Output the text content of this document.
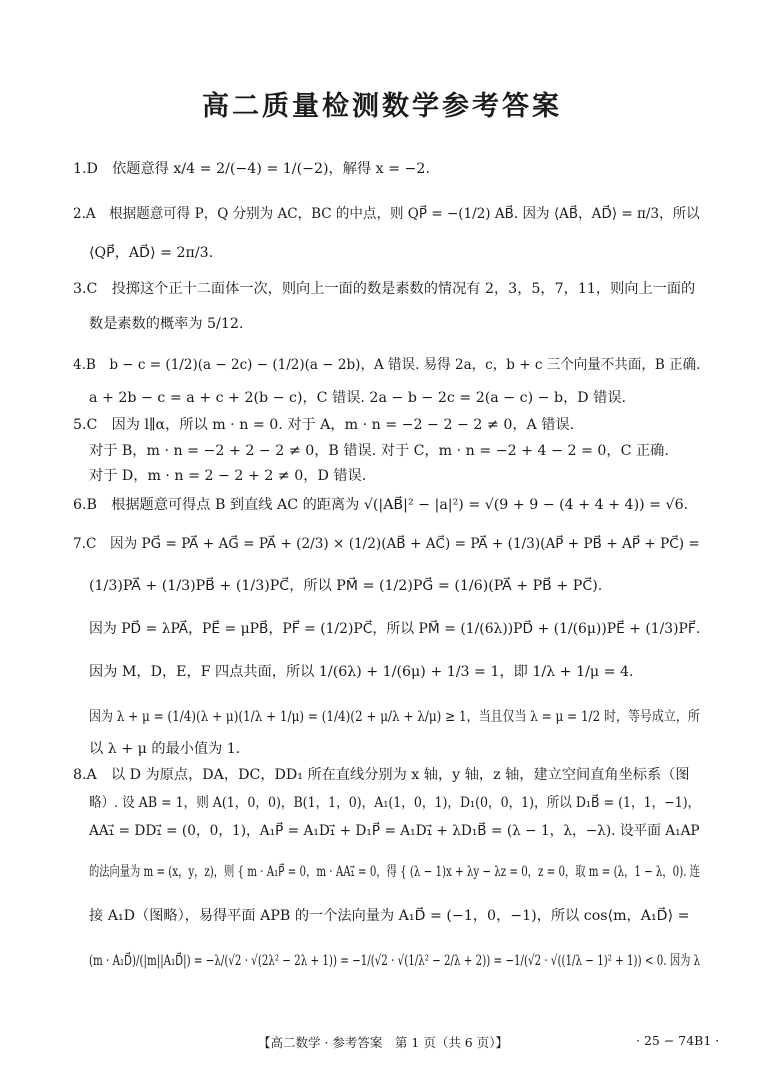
高二质量检测数学参考答案
1.D　依题意得 x/4 = 2/(−4) = 1/(−2)，解得 x = −2.
2.A　根据题意可得 P，Q 分别为 AC，BC 的中点，则 QP⃗ = −(1/2) AB⃗. 因为 ⟨AB⃗，AD⃗⟩ = π/3，所以
⟨QP⃗，AD⃗⟩ = 2π/3.
3.C　投掷这个正十二面体一次，则向上一面的数是素数的情况有 2，3，5，7，11，则向上一面的
数是素数的概率为 5/12.
4.B　b − c = (1/2)(a − 2c) − (1/2)(a − 2b)，A 错误. 易得 2a，c，b + c 三个向量不共面，B 正确.
a + 2b − c = a + c + 2(b − c)，C 错误. 2a − b − 2c = 2(a − c) − b，D 错误.
5.C　因为 l∥α，所以 m · n = 0. 对于 A，m · n = −2 − 2 − 2 ≠ 0，A 错误.
对于 B，m · n = −2 + 2 − 2 ≠ 0，B 错误. 对于 C，m · n = −2 + 4 − 2 = 0，C 正确.
对于 D，m · n = 2 − 2 + 2 ≠ 0，D 错误.
6.B　根据题意可得点 B 到直线 AC 的距离为 √(|AB⃗|² − |a|²) = √(9 + 9 − (4 + 4 + 4)) = √6.
7.C　因为 PG⃗ = PA⃗ + AG⃗ = PA⃗ + (2/3) × (1/2)(AB⃗ + AC⃗) = PA⃗ + (1/3)(AP⃗ + PB⃗ + AP⃗ + PC⃗) =
(1/3)PA⃗ + (1/3)PB⃗ + (1/3)PC⃗，所以 PM⃗ = (1/2)PG⃗ = (1/6)(PA⃗ + PB⃗ + PC⃗).
因为 PD⃗ = λPA⃗，PE⃗ = μPB⃗，PF⃗ = (1/2)PC⃗，所以 PM⃗ = (1/(6λ))PD⃗ + (1/(6μ))PE⃗ + (1/3)PF⃗.
因为 M，D，E，F 四点共面，所以 1/(6λ) + 1/(6μ) + 1/3 = 1，即 1/λ + 1/μ = 4.
因为 λ + μ = (1/4)(λ + μ)(1/λ + 1/μ) = (1/4)(2 + μ/λ + λ/μ) ≥ 1，当且仅当 λ = μ = 1/2 时，等号成立，所
以 λ + μ 的最小值为 1.
8.A　以 D 为原点，DA，DC，DD₁ 所在直线分别为 x 轴，y 轴，z 轴，建立空间直角坐标系（图
略）. 设 AB = 1，则 A(1，0，0)，B(1，1，0)，A₁(1，0，1)，D₁(0，0，1)，所以 D₁B⃗ = (1，1，−1)，
AA₁⃗ = DD₁⃗ = (0，0，1)，A₁P⃗ = A₁D₁⃗ + D₁P⃗ = A₁D₁⃗ + λD₁B⃗ = (λ − 1，λ，−λ). 设平面 A₁AP
的法向量为 m = (x，y，z)，则 { m · A₁P⃗ = 0，m · AA₁⃗ = 0，得 { (λ − 1)x + λy − λz = 0，z = 0，取 m = (λ，1 − λ，0). 连
接 A₁D（图略），易得平面 APB 的一个法向量为 A₁D⃗ = (−1，0，−1)，所以 cos⟨m，A₁D⃗⟩ =
(m · A₁D⃗)/(|m||A₁D⃗|) = −λ/(√2 · √(2λ² − 2λ + 1)) = −1/(√2 · √(1/λ² − 2/λ + 2)) = −1/(√2 · √((1/λ − 1)² + 1)) < 0. 因为 λ
【高二数学 · 参考答案　第 1 页（共 6 页）】	· 25 − 74B1 ·
